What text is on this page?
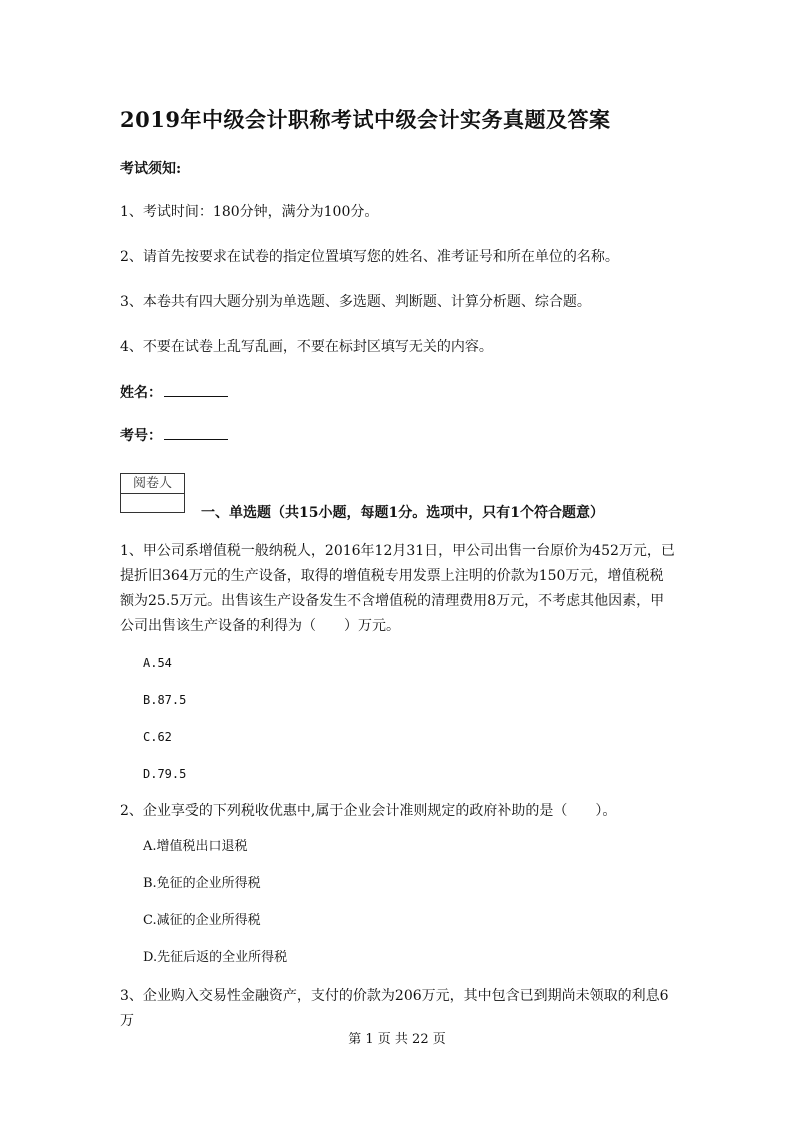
2019年中级会计职称考试中级会计实务真题及答案
考试须知:
1、考试时间：180分钟，满分为100分。
2、请首先按要求在试卷的指定位置填写您的姓名、准考证号和所在单位的名称。
3、本卷共有四大题分别为单选题、多选题、判断题、计算分析题、综合题。
4、不要在试卷上乱写乱画，不要在标封区填写无关的内容。
姓名：
考号：
阅卷人
一、单选题（共15小题，每题1分。选项中，只有1个符合题意）
1、甲公司系增值税一般纳税人，2016年12月31日，甲公司出售一台原价为452万元，已提折旧364万元的生产设备，取得的增值税专用发票上注明的价款为150万元，增值税税额为25.5万元。出售该生产设备发生不含增值税的清理费用8万元，不考虑其他因素，甲公司出售该生产设备的利得为（　　）万元。
A.54
B.87.5
C.62
D.79.5
2、企业享受的下列税收优惠中,属于企业会计准则规定的政府补助的是（　　）。
A.增值税出口退税
B.免征的企业所得税
C.减征的企业所得税
D.先征后返的全业所得税
3、企业购入交易性金融资产，支付的价款为206万元，其中包含已到期尚未领取的利息6万
第 1 页 共 22 页
